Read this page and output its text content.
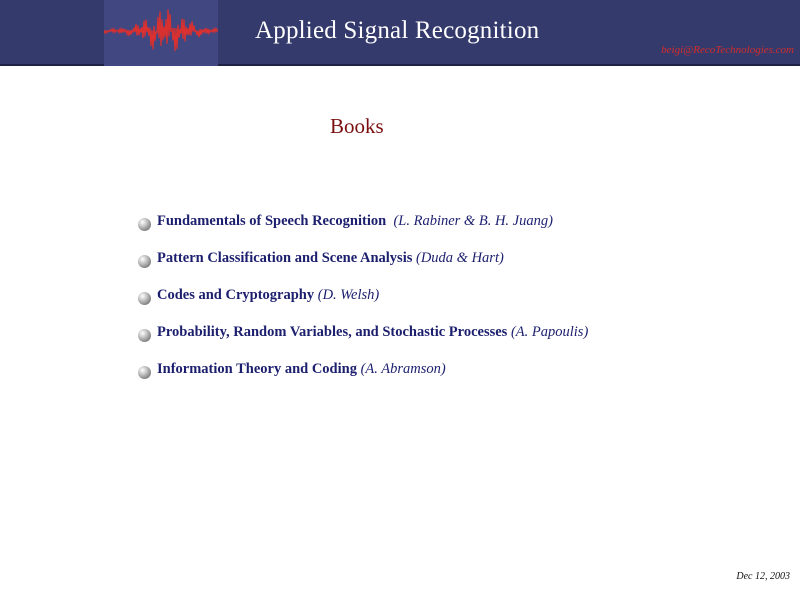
Applied Signal Recognition
beigi@RecoTechnologies.com
Books
Fundamentals of Speech Recognition (L. Rabiner & B. H. Juang)
Pattern Classification and Scene Analysis (Duda & Hart)
Codes and Cryptography (D. Welsh)
Probability, Random Variables, and Stochastic Processes (A. Papoulis)
Information Theory and Coding (A. Abramson)
Dec 12, 2003
